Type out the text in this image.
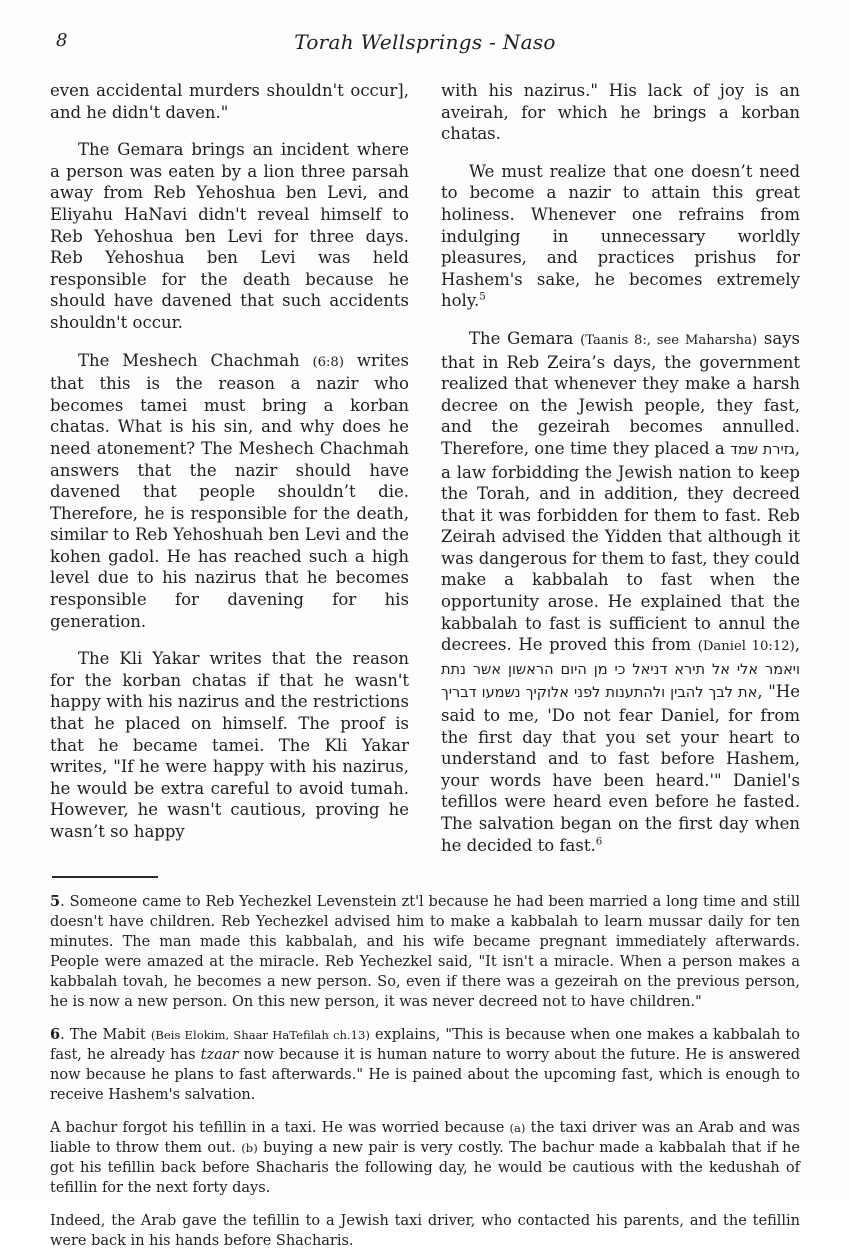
8	Torah Wellsprings - Naso

even accidental murders shouldn't occur], and he didn't daven."

The Gemara brings an incident where a person was eaten by a lion three parsah away from Reb Yehoshua ben Levi, and Eliyahu HaNavi didn't reveal himself to Reb Yehoshua ben Levi for three days. Reb Yehoshua ben Levi was held responsible for the death because he should have davened that such accidents shouldn't occur.

The Meshech Chachmah (6:8) writes that this is the reason a nazir who becomes tamei must bring a korban chatas. What is his sin, and why does he need atonement? The Meshech Chachmah answers that the nazir should have davened that people shouldn’t die. Therefore, he is responsible for the death, similar to Reb Yehoshuah ben Levi and the kohen gadol. He has reached such a high level due to his nazirus that he becomes responsible for davening for his generation.

The Kli Yakar writes that the reason for the korban chatas if that he wasn't happy with his nazirus and the restrictions that he placed on himself. The proof is that he became tamei. The Kli Yakar writes, "If he were happy with his nazirus, he would be extra careful to avoid tumah. However, he wasn't cautious, proving he wasn’t so happy

with his nazirus." His lack of joy is an aveirah, for which he brings a korban chatas.

We must realize that one doesn’t need to become a nazir to attain this great holiness. Whenever one refrains from indulging in unnecessary worldly pleasures, and practices prishus for Hashem's sake, he becomes extremely holy.$^5$

The Gemara (Taanis 8:, see Maharsha) says that in Reb Zeira’s days, the government realized that whenever they make a harsh decree on the Jewish people, they fast, and the gezeirah becomes annulled. Therefore, one time they placed a גזירת שמד, a law forbidding the Jewish nation to keep the Torah, and in addition, they decreed that it was forbidden for them to fast. Reb Zeirah advised the Yidden that although it was dangerous for them to fast, they could make a kabbalah to fast when the opportunity arose. He explained that the kabbalah to fast is sufficient to annul the decrees. He proved this from (Daniel 10:12), ויאמר אלי אל תירא דניאל כי מן היום הראשון אשר נתת את לבך להבין ולהתענות לפני אלוקיך נשמעו דבריך, "He said to me, 'Do not fear Daniel, for from the first day that you set your heart to understand and to fast before Hashem, your words have been heard.'" Daniel's tefillos were heard even before he fasted. The salvation began on the first day when he decided to fast.$^6$

5. Someone came to Reb Yechezkel Levenstein zt'l because he had been married a long time and still doesn't have children. Reb Yechezkel advised him to make a kabbalah to learn mussar daily for ten minutes. The man made this kabbalah, and his wife became pregnant immediately afterwards. People were amazed at the miracle. Reb Yechezkel said, "It isn't a miracle. When a person makes a kabbalah tovah, he becomes a new person. So, even if there was a gezeirah on the previous person, he is now a new person. On this new person, it was never decreed not to have children."

6. The Mabit (Beis Elokim, Shaar HaTefilah ch.13) explains, "This is because when one makes a kabbalah to fast, he already has tzaar now because it is human nature to worry about the future. He is answered now because he plans to fast afterwards." He is pained about the upcoming fast, which is enough to receive Hashem's salvation.

A bachur forgot his tefillin in a taxi. He was worried because (a) the taxi driver was an Arab and was liable to throw them out. (b) buying a new pair is very costly. The bachur made a kabbalah that if he got his tefillin back before Shacharis the following day, he would be cautious with the kedushah of tefillin for the next forty days.

Indeed, the Arab gave the tefillin to a Jewish taxi driver, who contacted his parents, and the tefillin were back in his hands before Shacharis.
